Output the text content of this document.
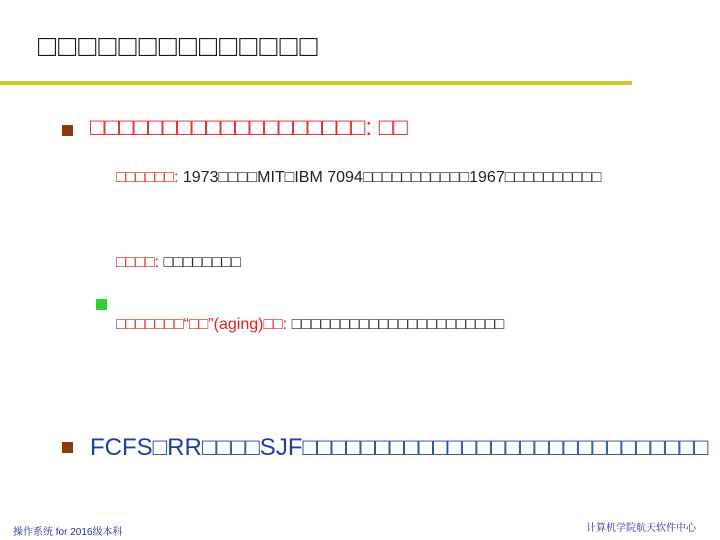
□□□□□□□□□□□□□□
□□□□□□□□□□□□□□□□□□□: □□
□□□□□□: 1973□□□□MIT□IBM 7094□□□□□□□□□□□1967□□□□□□□□□□
□□□□: □□□□□□□□
□□□□□□□“□□”(aging)□□: □□□□□□□□□□□□□□□□□□□□□□
FCFS□RR□□□□SJF□□□□□□□□□□□□□□□□□□□□□□□□□□□□
操作系统 for 2016级本科	计算机学院航天软件中心
